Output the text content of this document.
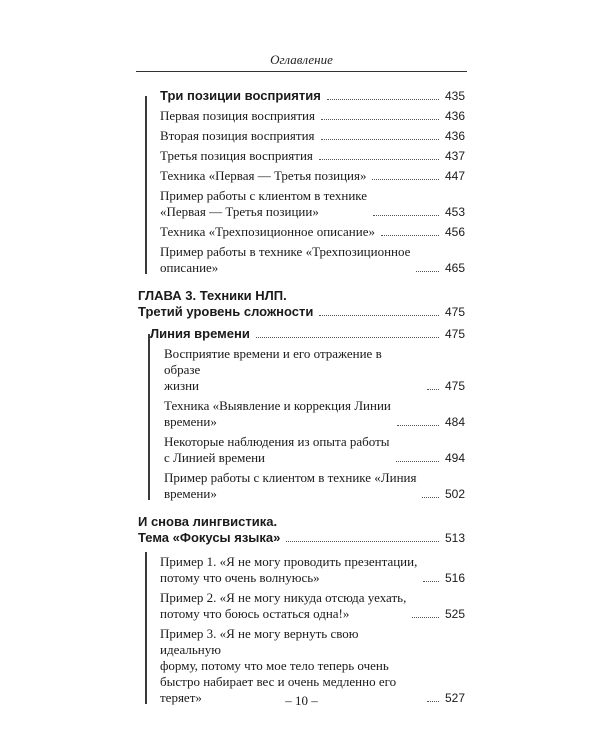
Оглавление
Три позиции восприятия	435
Первая позиция восприятия	436
Вторая позиция восприятия	436
Третья позиция восприятия	437
Техника «Первая — Третья позиция»	447
Пример работы с клиентом в технике
«Первая — Третья позиции»	453
Техника «Трехпозиционное описание»	456
Пример работы в технике «Трехпозиционное
описание»	465
ГЛАВА 3. Техники НЛП.
Третий уровень сложности	475
Линия времени	475
Восприятие времени и его отражение в образе
жизни	475
Техника «Выявление и коррекция Линии
времени»	484
Некоторые наблюдения из опыта работы
с Линией времени	494
Пример работы с клиентом в технике «Линия
времени»	502
И снова лингвистика.
Тема «Фокусы языка»	513
Пример 1. «Я не могу проводить презентации,
потому что очень волнуюсь»	516
Пример 2. «Я не могу никуда отсюда уехать,
потому что боюсь остаться одна!»	525
Пример 3. «Я не могу вернуть свою идеальную
форму, потому что мое тело теперь очень
быстро набирает вес и очень медленно его
теряет»	527
– 10 –
